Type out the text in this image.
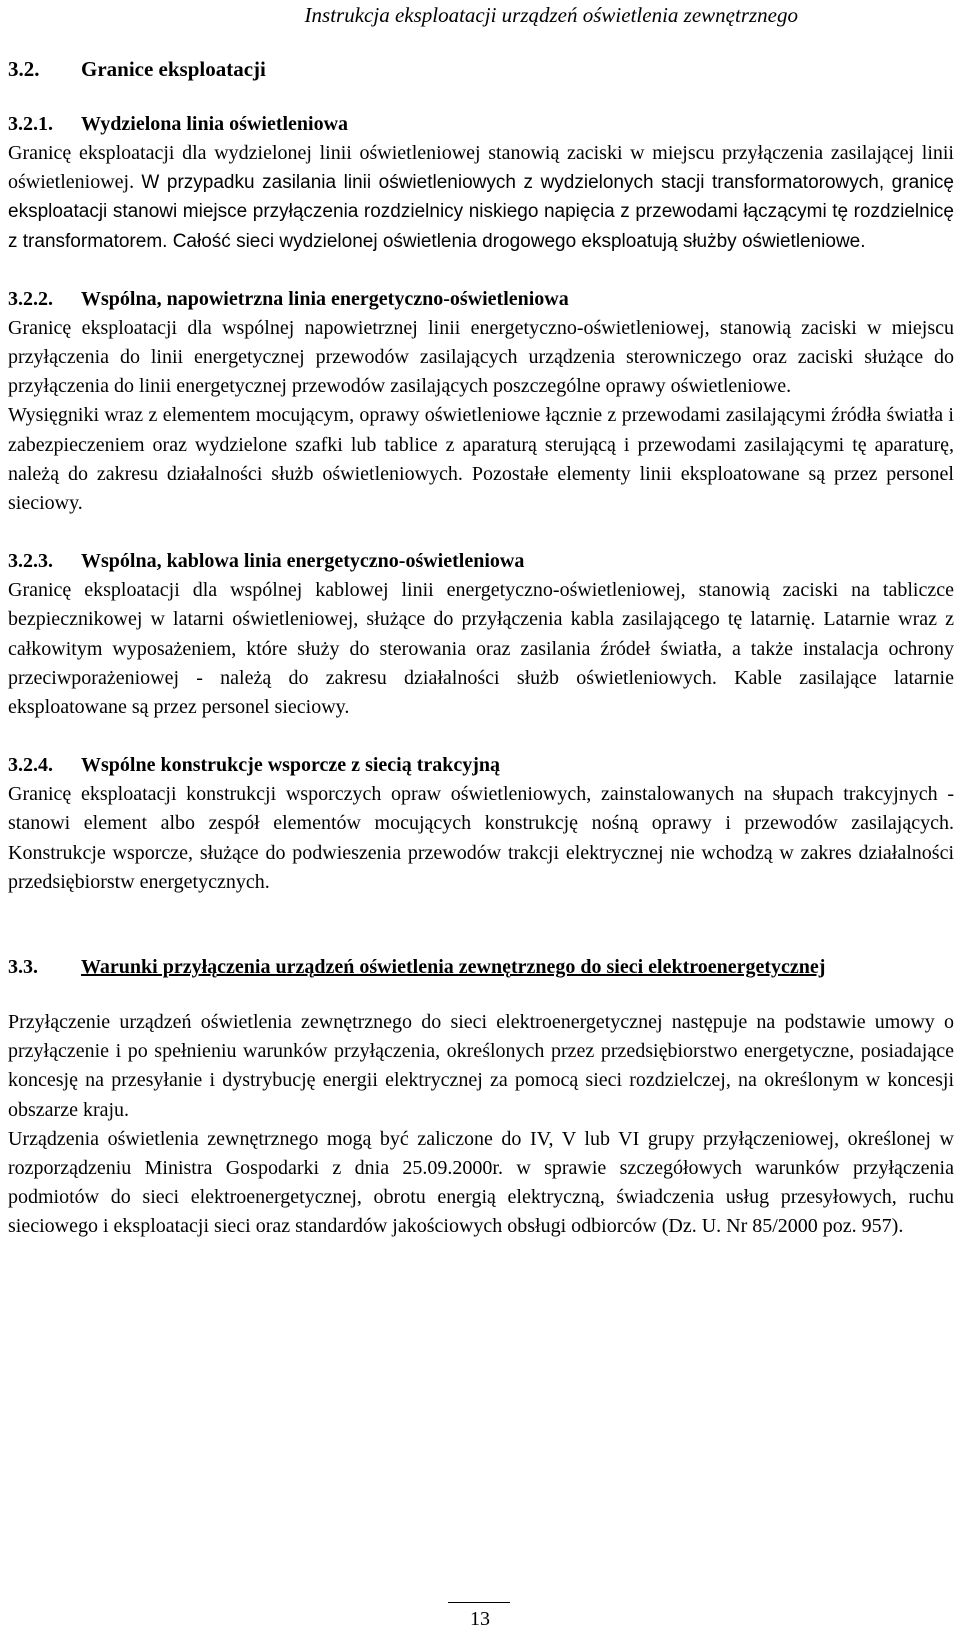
Instrukcja eksploatacji urządzeń oświetlenia zewnętrznego
3.2.	Granice eksploatacji
3.2.1.	Wydzielona linia oświetleniowa

Granicę eksploatacji dla wydzielonej linii oświetleniowej stanowią zaciski w miejscu przyłączenia zasilającej linii oświetleniowej. W przypadku zasilania linii oświetleniowych z wydzielonych stacji transformatorowych, granicę eksploatacji stanowi miejsce przyłączenia rozdzielnicy niskiego napięcia z przewodami łączącymi tę rozdzielnicę z transformatorem. Całość sieci wydzielonej oświetlenia drogowego eksploatują służby oświetleniowe.

3.2.2.	Wspólna, napowietrzna linia energetyczno-oświetleniowa

Granicę eksploatacji dla wspólnej napowietrznej linii energetyczno-oświetleniowej, stanowią zaciski w miejscu przyłączenia do linii energetycznej przewodów zasilających urządzenia sterowniczego oraz zaciski służące do przyłączenia do linii energetycznej przewodów zasilających poszczególne oprawy oświetleniowe.

Wysięgniki wraz z elementem mocującym, oprawy oświetleniowe łącznie z przewodami zasilającymi źródła światła i zabezpieczeniem oraz wydzielone szafki lub tablice z aparaturą sterującą i przewodami zasilającymi tę aparaturę, należą do zakresu działalności służb oświetleniowych. Pozostałe elementy linii eksploatowane są przez personel sieciowy.

3.2.3.	Wspólna, kablowa linia energetyczno-oświetleniowa

Granicę eksploatacji dla wspólnej kablowej linii energetyczno-oświetleniowej, stanowią zaciski na tabliczce bezpiecznikowej w latarni oświetleniowej, służące do przyłączenia kabla zasilającego tę latarnię. Latarnie wraz z całkowitym wyposażeniem, które służy do sterowania oraz zasilania źródeł światła, a także instalacja ochrony przeciwporażeniowej - należą do zakresu działalności służb oświetleniowych. Kable zasilające latarnie eksploatowane są przez personel sieciowy.

3.2.4.	Wspólne konstrukcje wsporcze z siecią trakcyjną

Granicę eksploatacji konstrukcji wsporczych opraw oświetleniowych, zainstalowanych na słupach trakcyjnych - stanowi element albo zespół elementów mocujących konstrukcję nośną oprawy i przewodów zasilających. Konstrukcje wsporcze, służące do podwieszenia przewodów trakcji elektrycznej nie wchodzą w zakres działalności przedsiębiorstw energetycznych.

3.3.	Warunki przyłączenia urządzeń oświetlenia zewnętrznego do sieci elektroenergetycznej

Przyłączenie urządzeń oświetlenia zewnętrznego do sieci elektroenergetycznej następuje na podstawie umowy o przyłączenie i po spełnieniu warunków przyłączenia, określonych przez przedsiębiorstwo energetyczne, posiadające koncesję na przesyłanie i dystrybucję energii elektrycznej za pomocą sieci rozdzielczej, na określonym w koncesji obszarze kraju.

Urządzenia oświetlenia zewnętrznego mogą być zaliczone do IV, V lub VI grupy przyłączeniowej, określonej w rozporządzeniu Ministra Gospodarki z dnia 25.09.2000r. w sprawie szczegółowych warunków przyłączenia podmiotów do sieci elektroenergetycznej, obrotu energią elektryczną, świadczenia usług przesyłowych, ruchu sieciowego i eksploatacji sieci oraz standardów jakościowych obsługi odbiorców (Dz. U. Nr 85/2000 poz. 957).

13
